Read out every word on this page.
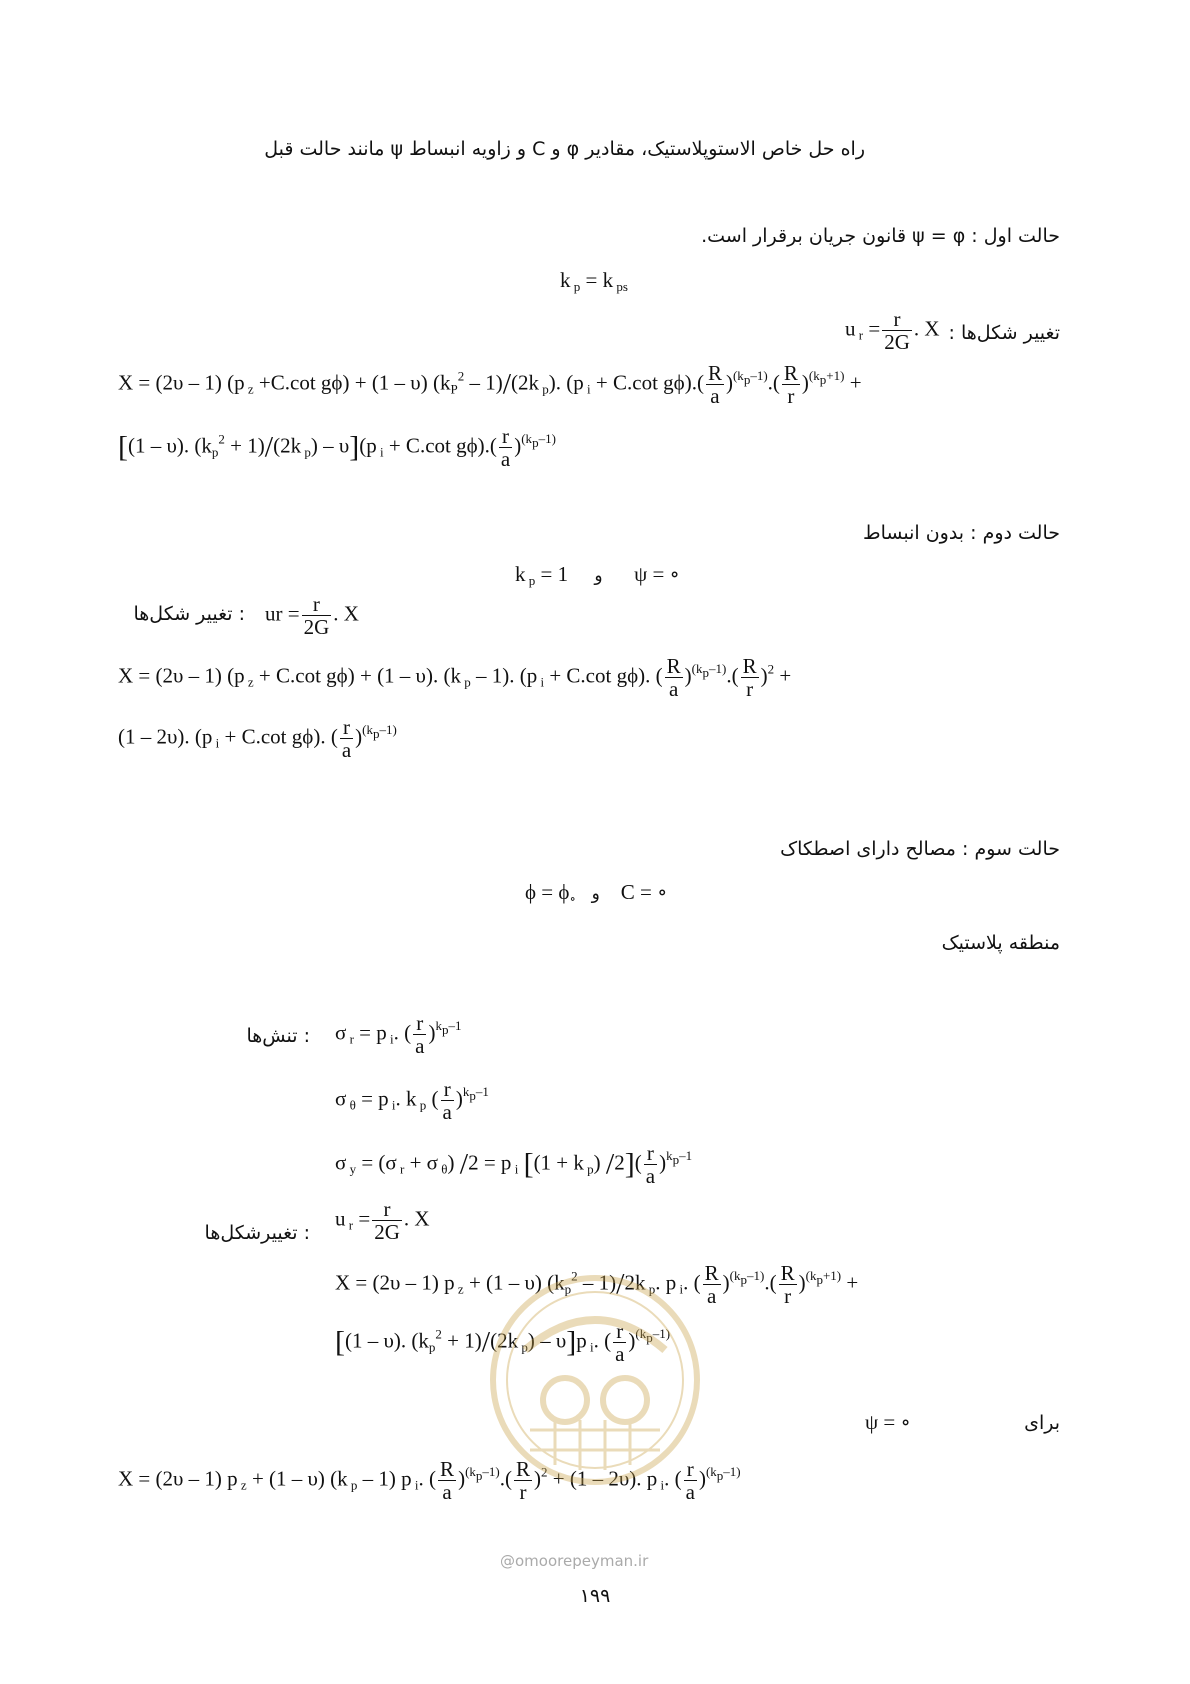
راه حل خاص الاستوپلاستیک، مقادیر φ و C و زاویه انبساط ψ مانند حالت قبل
حالت اول : ψ = φ قانون جریان برقرار است.
k $_p$ = k $_{ps}$
تغییر شکل‌ها :
u $_r = \frac{r}{2G}$ . X
X = (2υ – 1) (p $_z$ +C.cot gϕ) + (1 – υ) $(k_P^2 - 1)/(2k$ $_p$). (p $_i$ + C.cot $g\phi).( \frac{R}{a} )^{(k_p-1)}.( \frac{R}{r} )^{(k_p+1)}$ +
[(1 – υ). $(k_p^2 + 1)/(2k$ $_p$) – υ](p $_i$ + C.cot $g\phi).( \frac{r}{a} )^{(k_p-1)}$
حالت دوم : بدون انبساط
k $_p$ = 1     و      ψ = ∘
ur = $\frac{r}{2G}$ . X
: تغییر شکل‌ها
X = (2υ – 1) (p $_z$ + C.cot gϕ) + (1 – υ). (k $_p$ – 1). (p $_i$ + C.cot gϕ). ( $\frac{R}{a} )^{(k_p-1)}.( \frac{R}{r} )^2$ +
(1 – 2υ). (p $_i$ + C.cot gϕ). ( $\frac{r}{a} )^{(k_p-1)}$
حالت سوم : مصالح دارای اصطکاک
$\phi = \phi_\circ$ و    C = ∘
منطقه پلاستیک
: تنش‌ها σ $_r$ = p $_i$. ( $\frac{r}{a} )^{k_p-1}$
σ $_\theta$ = p $_i$. k $_p$ ( $\frac{r}{a} )^{k_p-1}$
σ $_y$ = (σ $_r$ + σ $_\theta$) /2 = p $_i$ [(1 + k $_p$) $/2]( \frac{r}{a} )^{k_p-1}$
: تغییرشکل‌ها
u $_r = \frac{r}{2G}$ . X
X = (2υ – 1) p $_z$ + (1 – υ) $(k_p^2 - 1)/2k$ $_p$. p $_i$. ( $\frac{R}{a} )^{(k_p-1)}.( \frac{R}{r} )^{(k_p+1)}$ +
[(1 – υ). $(k_p^2 + 1)/(2k$ $_p$) – υ]p $_i$. ( $\frac{r}{a} )^{(k_p-1)}$
برای
ψ = ∘
X = (2υ – 1) p $_z$ + (1 – υ) (k $_p$ – 1) p $_i$. ( $\frac{R}{a} )^{(k_p-1)}.( \frac{R}{r} )^2 + (1 - 2\upsilon)$. p $_i$. ( $\frac{r}{a} )^{(k_p-1)}$
@omoorepeyman.ir
۱۹۹
